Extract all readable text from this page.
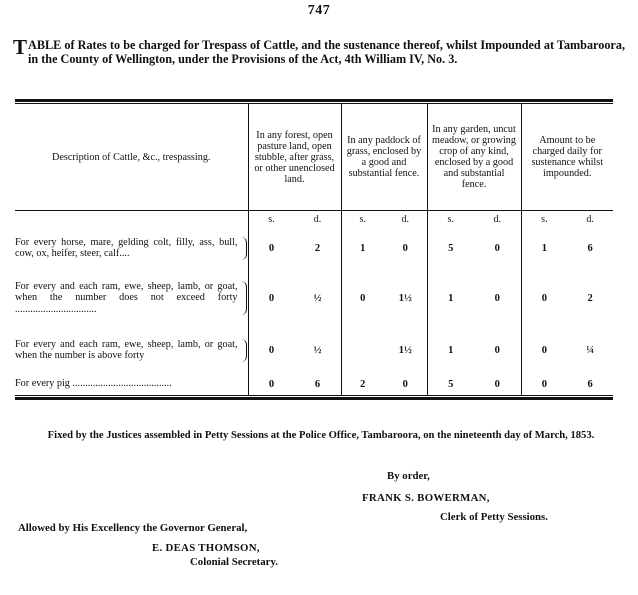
747
TABLE of Rates to be charged for Trespass of Cattle, and the sustenance thereof, whilst Impounded at Tambaroora, in the County of Wellington, under the Provisions of the Act, 4th William IV, No. 3.
Description of Cattle, &c., trespassing.	In any forest, open pasture land, open stubble, after grass, or other unenclosed land.	In any paddock of grass, enclosed by a good and substantial fence.	In any garden, uncut meadow, or growing crop of any kind, enclosed by a good and substantial fence.	Amount to be charged daily for sustenance whilst impounded.

	s. d.	s. d.	s. d.	s. d.

For every horse, mare, gelding colt, filly, ass, bull, cow, ox, heifer, steer, calf....	0 2	1 0	5 0	1 6

For every and each ram, ewe, sheep, lamb, or goat, when the number does not exceed forty ................................	0 ½	0 1½	1 0	0 2

For every and each ram, ewe, sheep, lamb, or goat, when the number is above forty	0 ½	1½	1 0	0 ¼

For every pig .......................................	0 6	2 0	5 0	0 6
Fixed by the Justices assembled in Petty Sessions at the Police Office, Tambaroora, on the nineteenth day of March, 1853.
By order,
FRANK S. BOWERMAN,
Clerk of Petty Sessions.
Allowed by His Excellency the Governor General,
E. DEAS THOMSON,
Colonial Secretary.
